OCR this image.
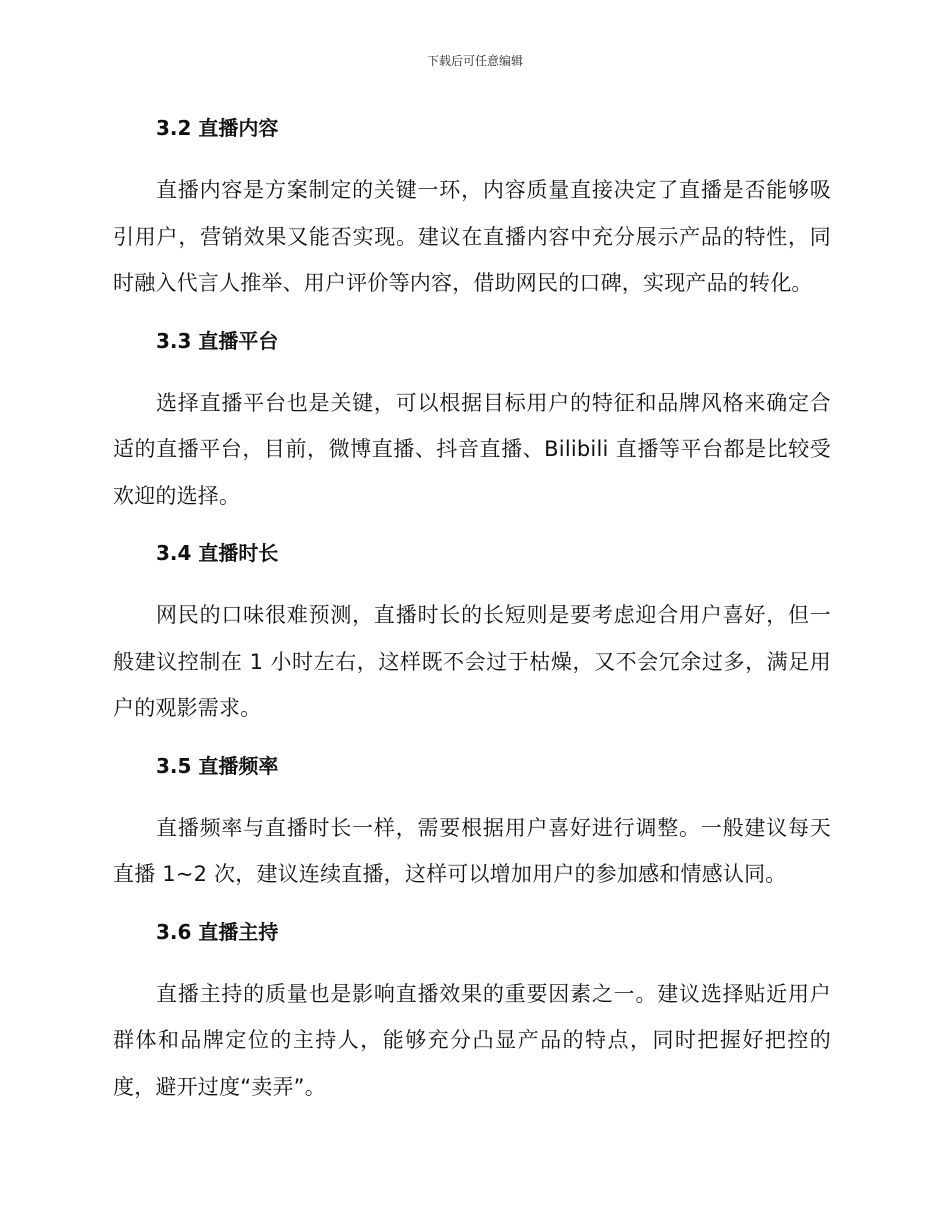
下载后可任意编辑
3.2 直播内容

直播内容是方案制定的关键一环，内容质量直接决定了直播是否能够吸引用户，营销效果又能否实现。建议在直播内容中充分展示产品的特性，同时融入代言人推举、用户评价等内容，借助网民的口碑，实现产品的转化。

3.3 直播平台

选择直播平台也是关键，可以根据目标用户的特征和品牌风格来确定合适的直播平台，目前，微博直播、抖音直播、Bilibili 直播等平台都是比较受欢迎的选择。

3.4 直播时长

网民的口味很难预测，直播时长的长短则是要考虑迎合用户喜好，但一般建议控制在 1 小时左右，这样既不会过于枯燥，又不会冗余过多，满足用户的观影需求。

3.5 直播频率

直播频率与直播时长一样，需要根据用户喜好进行调整。一般建议每天直播 1~2 次，建议连续直播，这样可以增加用户的参加感和情感认同。

3.6 直播主持

直播主持的质量也是影响直播效果的重要因素之一。建议选择贴近用户群体和品牌定位的主持人，能够充分凸显产品的特点，同时把握好把控的度，避开过度“卖弄”。
